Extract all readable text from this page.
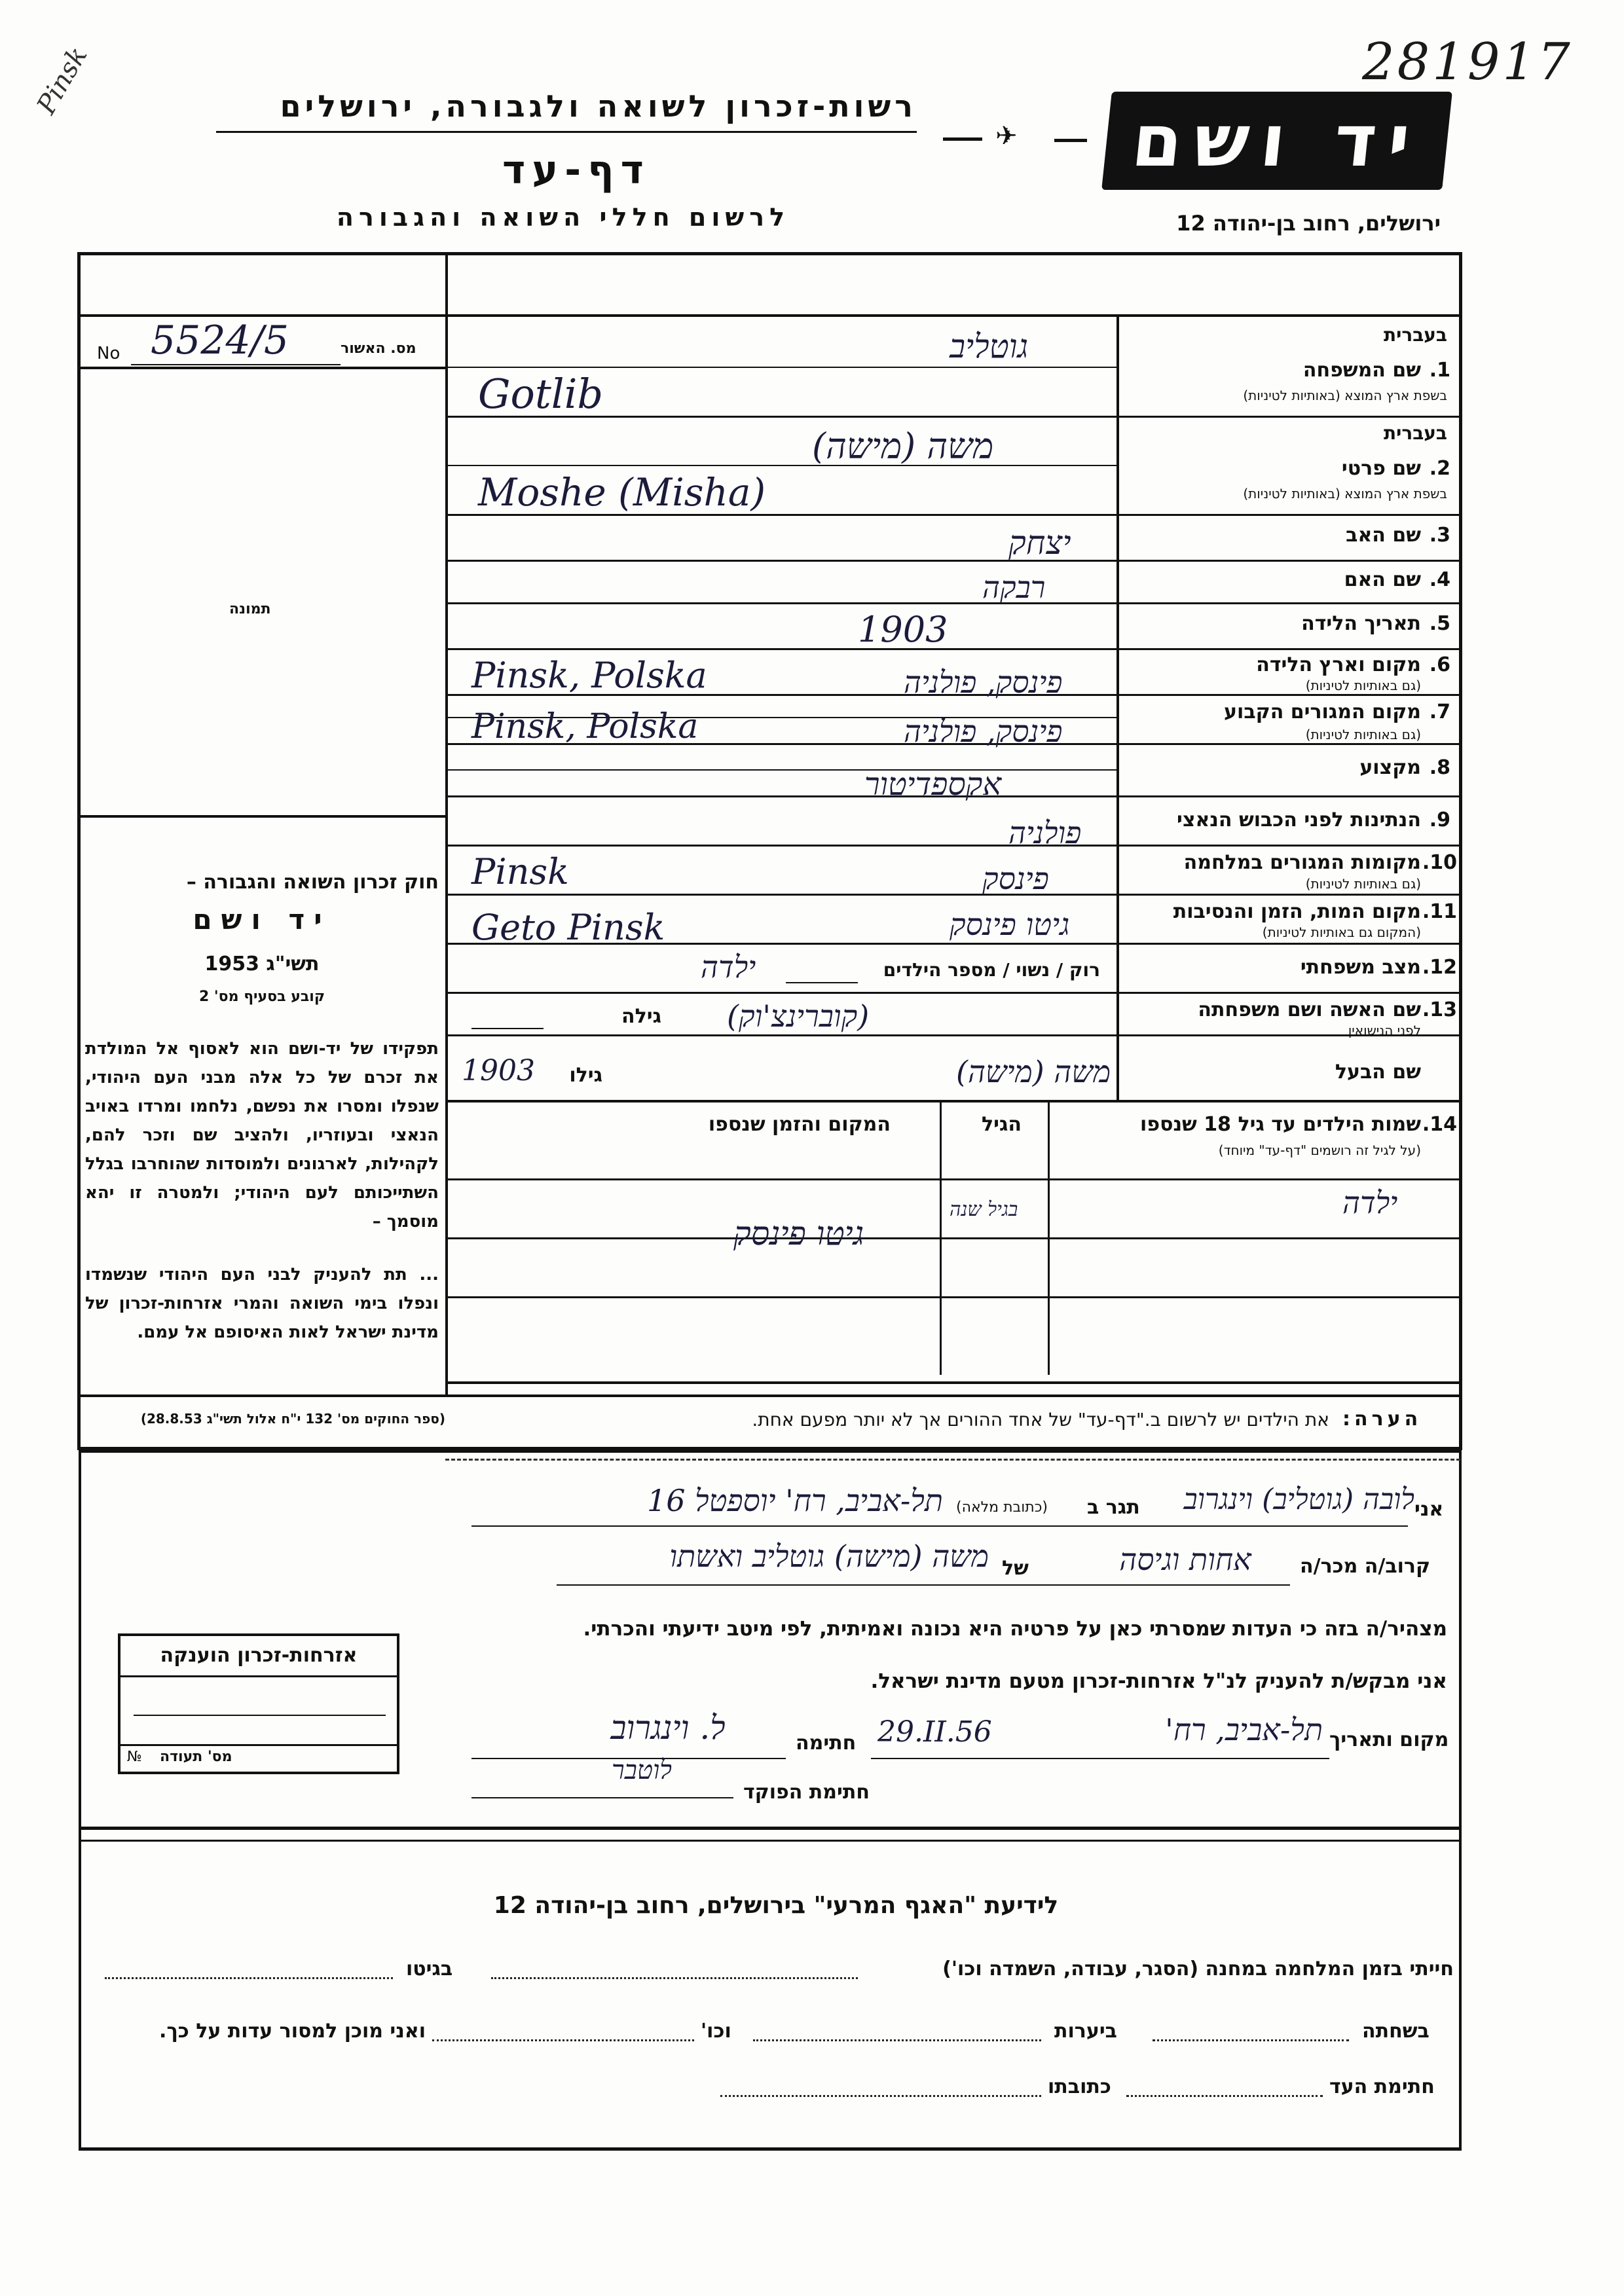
Pinsk	281917
רשות-זכרון לשואה ולגבורה, ירושלים
דף-עד
לרשום חללי השואה והגבורה
✈	יד ושם
ירושלים, רחוב בן-יהודה 12
No 5524/5	מס. האשור
תמונה
בעברית
1.
שם המשפחה
בשפת ארץ המוצא (באותיות לטיניות)
גוטליב
Gotlib
בעברית
2.
שם פרטי
בשפת ארץ המוצא (באותיות לטיניות)
משה (מישה)
Moshe (Misha)
3.
שם האב
יצחק
4.
שם האם
רבקה
5.
תאריך הלידה
1903
6.
מקום וארץ הלידה
(גם באותיות לטיניות)
פינסק, פולניה
Pinsk, Polska
7.
מקום המגורים הקבוע
(גם באותיות לטיניות)
פינסק, פולניה
Pinsk, Polska
8.
מקצוע
אקספדיטור
9.
הנתינות לפני הכבוש הנאצי
פולניה
10.
מקומות המגורים במלחמה
(גם באותיות לטיניות)
פינסק
Pinsk
11.
מקום המות, הזמן והנסיבות
(המקום גם באותיות לטיניות)
גיטו פינסק
Geto Pinsk
12.
מצב משפחתי
רוק / נשוי / מספר הילדים
ילדה
13.
שם האשה ושם משפחתה
לפני הנישואין
(קוברינצ'וק)
גילה
שם הבעל
משה (מישה)
גילו
1903
14.
שמות הילדים עד גיל 18 שנספו
(על לגיל זה רושמים "דף-עד" מיוחד)
הגיל
המקום והזמן שנספו
ילדה
בגיל שנה
גיטו פינסק
חוק זכרון השואה והגבורה –
יד ושם
תשי"ג 1953
קובע בסעיף מס' 2
תפקידו של יד-ושם הוא לאסוף אל המולדת את זכרם של כל אלה מבני העם היהודי, שנפלו ומסרו את נפשם, נלחמו ומרדו באויב הנאצי ובעוזריו, ולהציב שם וזכר להם, לקהילות, לארגונים ולמוסדות שהוחרבו בגלל השתייכותם לעם היהודי; ולמטרה זו יהא מוסמך –
... תת להעניק לבני העם היהודי שנשמדו ונפלו בימי השואה והמרי אזרחות-זכרון של מדינת ישראל לאות האיסופם אל עמם.
(ספר החוקים מס' 132 י"ח אלול תשי"ג 28.8.53)	הערה:
את הילדים יש לרשום ב."דף-עד" של אחד ההורים אך לא יותר מפעם אחת.
אני
לובה (גוטליב) וינגרוב
תגר ב
(כתובת מלאה)
תל-אביב, רח' יוספטל 16
קרוב/ה מכר/ה
אחות וגיסה
של
משה (מישה) גוטליב ואשתו
מצהיר/ה בזה כי העדות שמסרתי כאן על פרטיה היא נכונה ואמיתית, לפי מיטב ידיעתי והכרתי.
אני מבקש/ת להעניק לנ"ל אזרחות-זכרון מטעם מדינת ישראל.
מקום ותאריך
תל-אביב, רח'
29.II.56
חתימה
ל. וינגרוב
לוטבר
חתימת הפוקד
אזרחות-זכרון הוענקה
№ מס' תעודה
לידיעת "האגף המרעי" בירושלים, רחוב בן-יהודה 12
חייתי בזמן המלחמה במחנה (הסגר, עבודה, השמדה וכו')
בגיטו
בשחתה
ביערות
וכו'
ואני מוכן למסור עדות על כך.
חתימת העד
כתובתו
